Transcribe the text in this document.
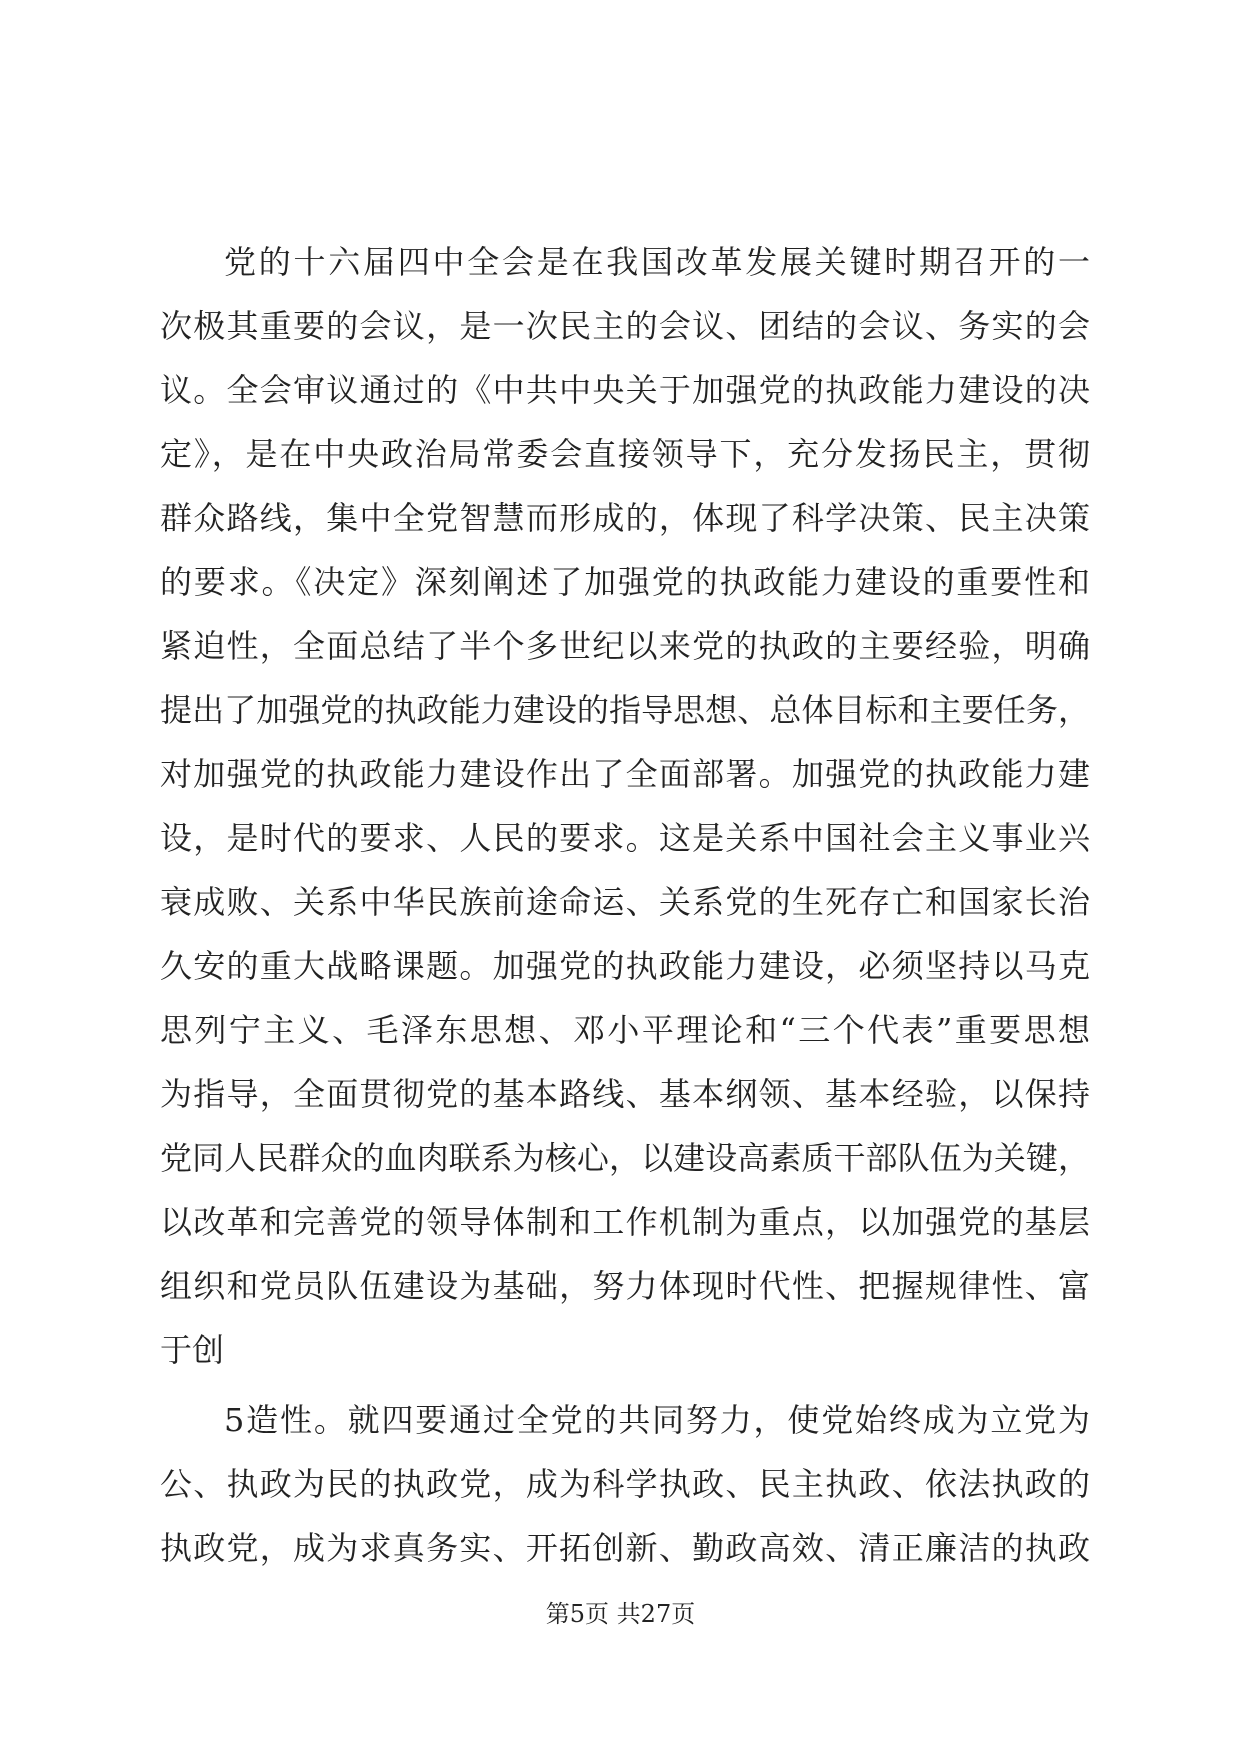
党的十六届四中全会是在我国改革发展关键时期召开的一
次极其重要的会议，是一次民主的会议、团结的会议、务实的会
议。全会审议通过的《中共中央关于加强党的执政能力建设的决
定》，是在中央政治局常委会直接领导下，充分发扬民主，贯彻
群众路线，集中全党智慧而形成的，体现了科学决策、民主决策
的要求。《决定》深刻阐述了加强党的执政能力建设的重要性和
紧迫性，全面总结了半个多世纪以来党的执政的主要经验，明确
提出了加强党的执政能力建设的指导思想、总体目标和主要任务，
对加强党的执政能力建设作出了全面部署。加强党的执政能力建
设，是时代的要求、人民的要求。这是关系中国社会主义事业兴
衰成败、关系中华民族前途命运、关系党的生死存亡和国家长治
久安的重大战略课题。加强党的执政能力建设，必须坚持以马克
思列宁主义、毛泽东思想、邓小平理论和“三个代表”重要思想
为指导，全面贯彻党的基本路线、基本纲领、基本经验，以保持
党同人民群众的血肉联系为核心，以建设高素质干部队伍为关键，
以改革和完善党的领导体制和工作机制为重点，以加强党的基层
组织和党员队伍建设为基础，努力体现时代性、把握规律性、富
于创
5造性。就四要通过全党的共同努力，使党始终成为立党为
公、执政为民的执政党，成为科学执政、民主执政、依法执政的
执政党，成为求真务实、开拓创新、勤政高效、清正廉洁的执政
第5页 共27页
